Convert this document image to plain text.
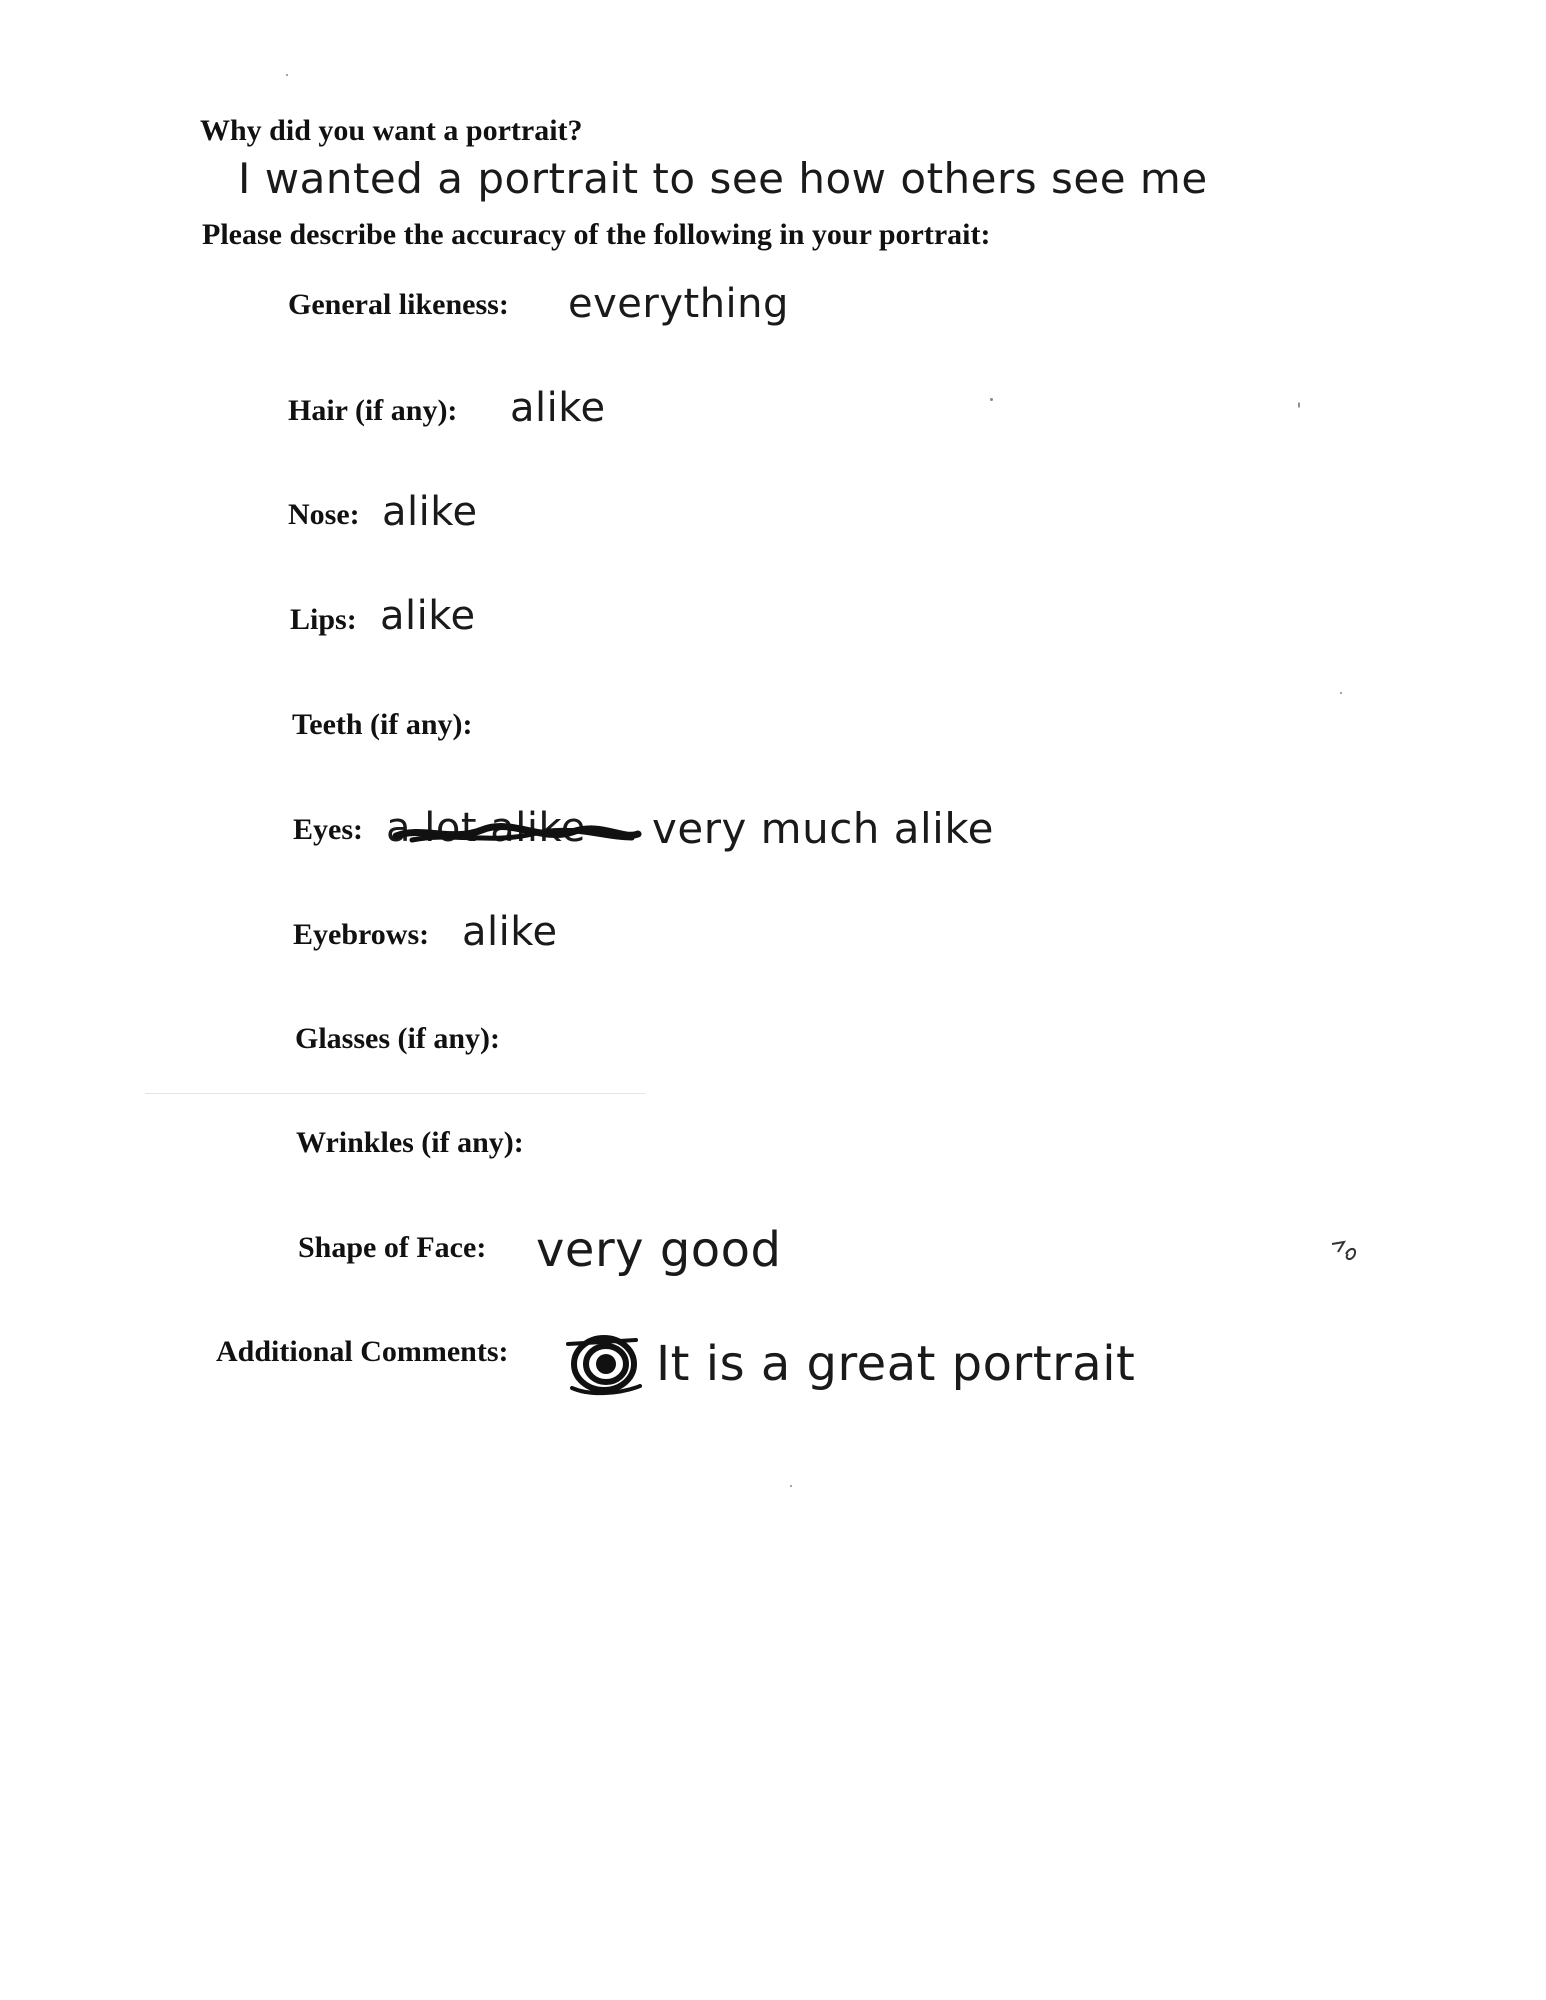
Why did you want a portrait?
I wanted a portrait to see how others see me
Please describe the accuracy of the following in your portrait:
General likeness: everything
Hair (if any): alike
Nose: alike
Lips: alike
Teeth (if any):
Eyes: a lot alike	very much alike
Eyebrows: alike
Glasses (if any):
Wrinkles (if any):
Shape of Face: very good
Additional Comments:	It is a great portrait
